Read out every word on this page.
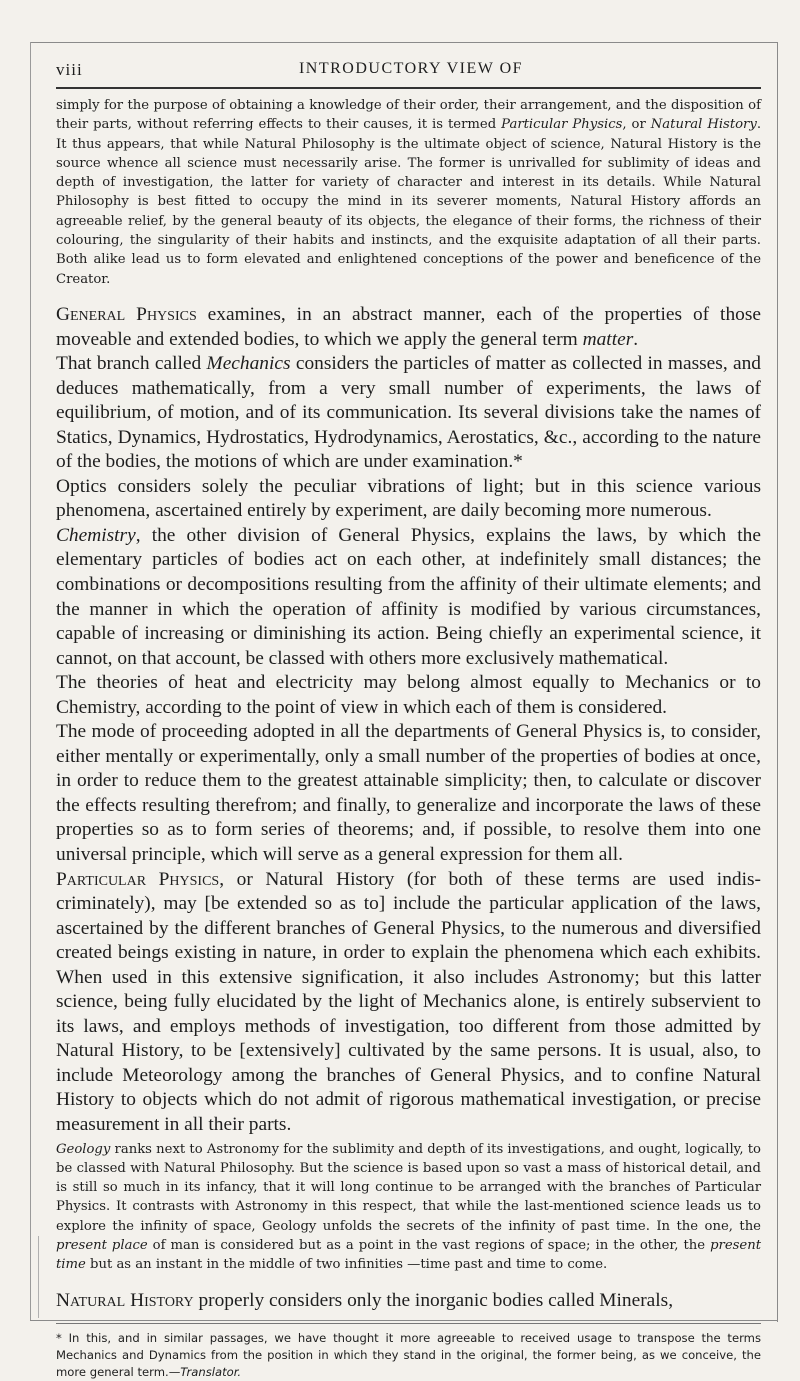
viii	INTRODUCTORY VIEW OF

simply for the purpose of obtaining a knowledge of their order, their arrangement, and the disposition of their parts, without referring effects to their causes, it is termed Particular Physics, or Natural History. It thus appears, that while Natural Philosophy is the ultimate object of science, Natural History is the source whence all science must necessarily arise. The former is unrivalled for sublimity of ideas and depth of investigation, the latter for variety of character and interest in its details. While Natural Philosophy is best fitted to occupy the mind in its severer moments, Natural History affords an agreeable relief, by the general beauty of its objects, the elegance of their forms, the richness of their colouring, the singularity of their habits and instincts, and the exquisite adaptation of all their parts. Both alike lead us to form elevated and enlightened conceptions of the power and beneficence of the Creator.

General Physics examines, in an abstract manner, each of the properties of those moveable and extended bodies, to which we apply the general term matter.

That branch called Mechanics considers the particles of matter as collected in masses, and deduces mathematically, from a very small number of experiments, the laws of equilibrium, of motion, and of its communication. Its several divisions take the names of Statics, Dynamics, Hydrostatics, Hydrodynamics, Aerostatics, &c., according to the nature of the bodies, the motions of which are under examination.*

Optics considers solely the peculiar vibrations of light; but in this science various phenomena, ascertained entirely by experiment, are daily becoming more numerous.

Chemistry, the other division of General Physics, explains the laws, by which the elementary particles of bodies act on each other, at indefinitely small distances; the combinations or decompositions resulting from the affinity of their ultimate elements; and the manner in which the operation of affinity is modified by various circumstances, capable of increasing or diminishing its action. Being chiefly an experimental science, it cannot, on that account, be classed with others more exclusively mathematical.

The theories of heat and electricity may belong almost equally to Mechanics or to Chemistry, according to the point of view in which each of them is considered.

The mode of proceeding adopted in all the departments of General Physics is, to consider, either mentally or experimentally, only a small number of the properties of bodies at once, in order to reduce them to the greatest attainable simplicity; then, to calculate or discover the effects resulting therefrom; and finally, to generalize and incorporate the laws of these properties so as to form series of theorems; and, if possible, to resolve them into one universal principle, which will serve as a general expression for them all.

Particular Physics, or Natural History (for both of these terms are used indiscriminately), may [be extended so as to] include the particular application of the laws, ascertained by the different branches of General Physics, to the numerous and diversified created beings existing in nature, in order to explain the phenomena which each exhibits. When used in this extensive signification, it also includes Astronomy; but this latter science, being fully elucidated by the light of Mechanics alone, is entirely subservient to its laws, and employs methods of investigation, too different from those admitted by Natural History, to be [extensively] cultivated by the same persons. It is usual, also, to include Meteorology among the branches of General Physics, and to confine Natural History to objects which do not admit of rigorous mathematical investigation, or precise measurement in all their parts.

Geology ranks next to Astronomy for the sublimity and depth of its investigations, and ought, logically, to be classed with Natural Philosophy. But the science is based upon so vast a mass of historical detail, and is still so much in its infancy, that it will long continue to be arranged with the branches of Particular Physics. It contrasts with Astronomy in this respect, that while the last-mentioned science leads us to explore the infinity of space, Geology unfolds the secrets of the infinity of past time. In the one, the present place of man is considered but as a point in the vast regions of space; in the other, the present time but as an instant in the middle of two infinities —time past and time to come.

Natural History properly considers only the inorganic bodies called Minerals,

* In this, and in similar passages, we have thought it more agreeable to received usage to transpose the terms Mechanics and Dynamics from the position in which they stand in the original, the former being, as we conceive, the more general term.—Translator.
